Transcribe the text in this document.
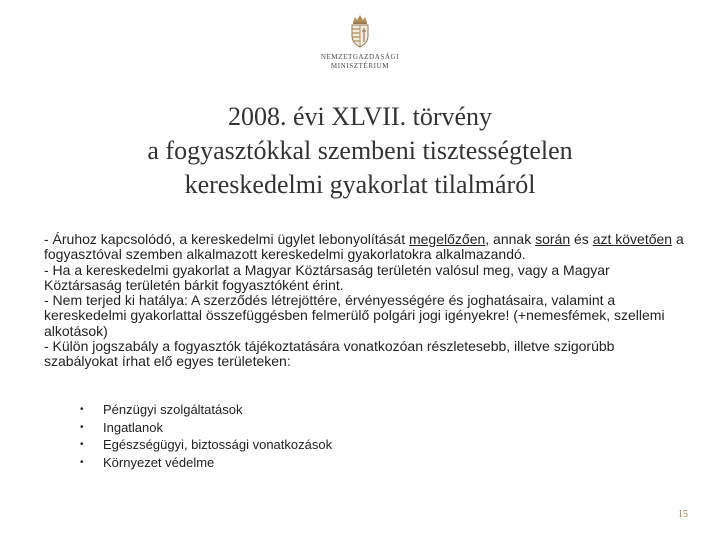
NEMZETGAZDASÁGI
MINISZTÉRIUM
2008. évi XLVII. törvény
a fogyasztókkal szembeni tisztességtelen
kereskedelmi gyakorlat tilalmáról

- Áruhoz kapcsolódó, a kereskedelmi ügylet lebonyolítását megelőzően, annak során és azt követően a fogyasztóval szemben alkalmazott kereskedelmi gyakorlatokra alkalmazandó.

- Ha a kereskedelmi gyakorlat a Magyar Köztársaság területén valósul meg, vagy a Magyar Köztársaság területén bárkit fogyasztóként érint.

- Nem terjed ki hatálya: A szerződés létrejöttére, érvényességére és joghatásaira, valamint a kereskedelmi gyakorlattal összefüggésben felmerülő polgári jogi igényekre! (+nemesfémek, szellemi alkotások)

- Külön jogszabály a fogyasztók tájékoztatására vonatkozóan részletesebb, illetve szigorúbb szabályokat írhat elő egyes területeken:

•	Pénzügyi szolgáltatások
•	Ingatlanok
•	Egészségügyi, biztossági vonatkozások
•	Környezet védelme
15
